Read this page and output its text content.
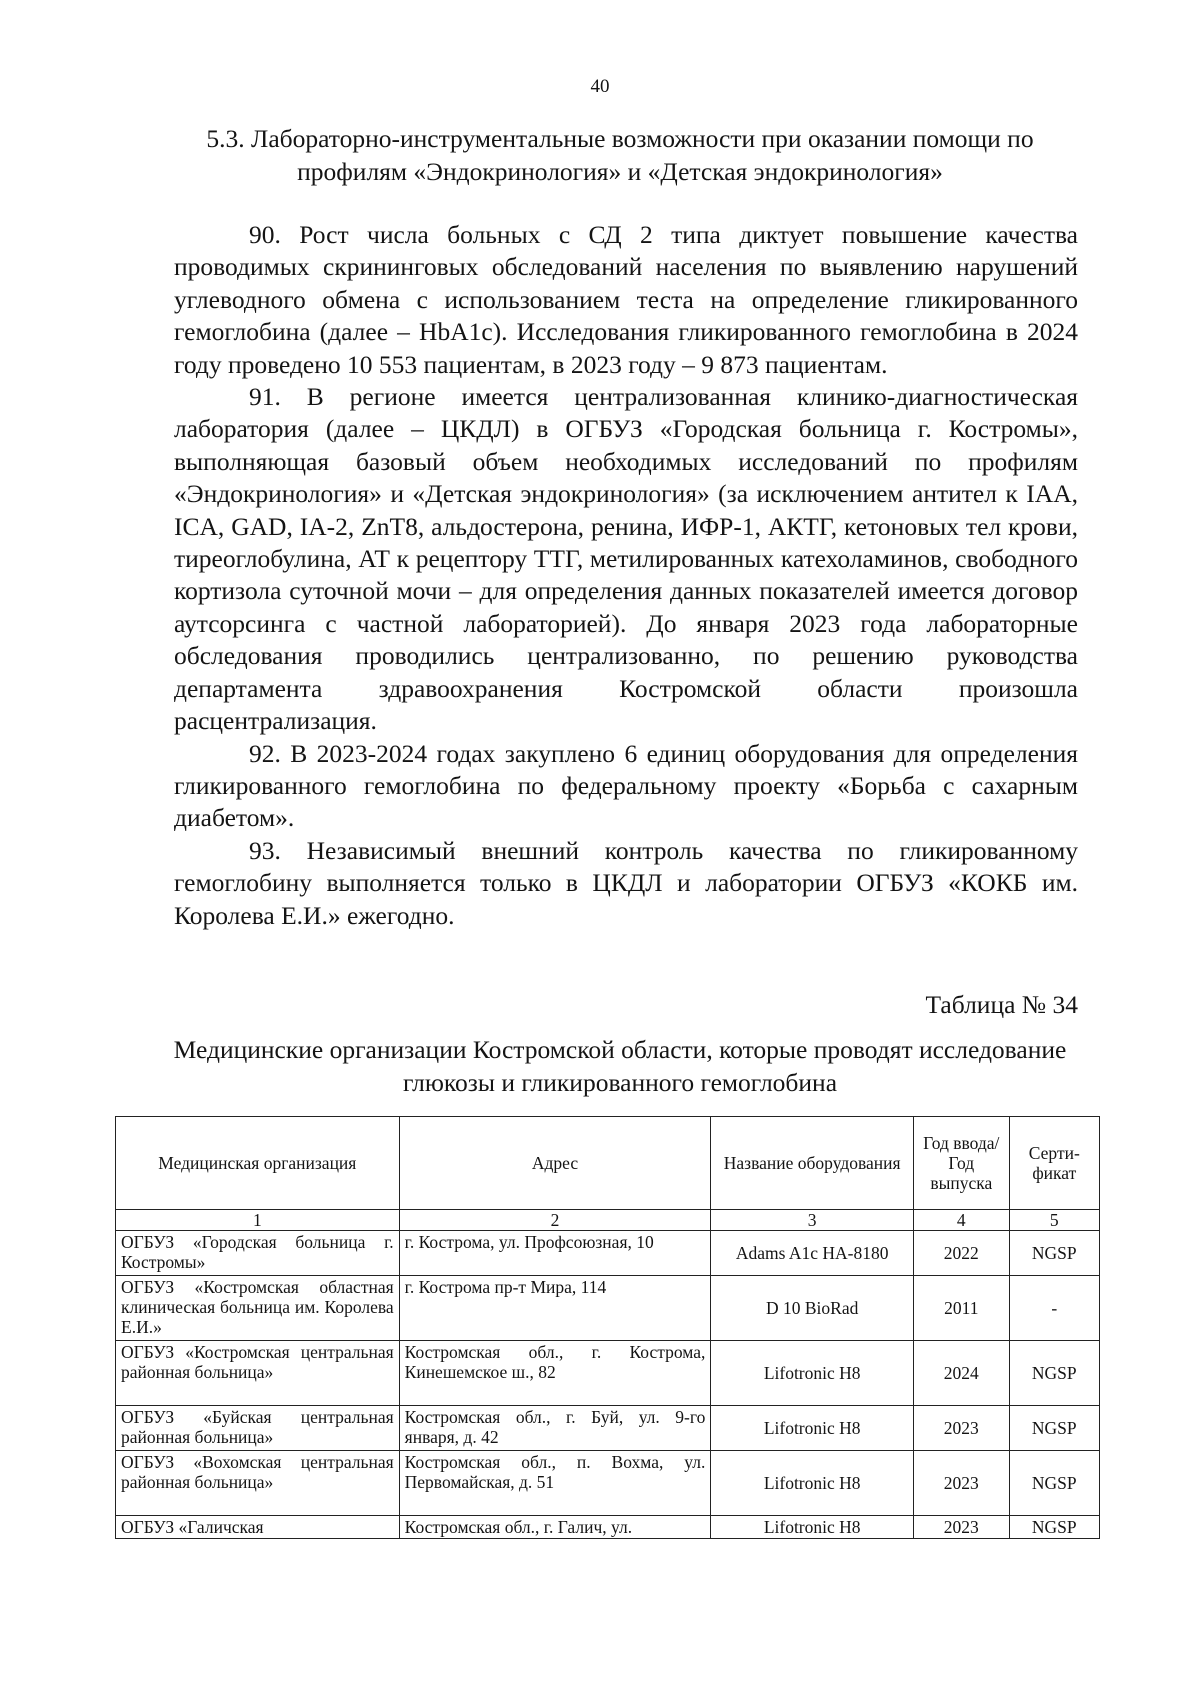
40
5.3. Лабораторно-инструментальные возможности при оказании помощи по профилям «Эндокринология» и «Детская эндокринология»

90. Рост числа больных с СД 2 типа диктует повышение качества проводимых скрининговых обследований населения по выявлению нарушений углеводного обмена с использованием теста на определение гликированного гемоглобина (далее – HbA1c). Исследования гликированного гемоглобина в 2024 году проведено 10 553 пациентам, в 2023 году – 9 873 пациентам.

91. В регионе имеется централизованная клинико-диагностическая лаборатория (далее – ЦКДЛ) в ОГБУЗ «Городская больница г. Костромы», выполняющая базовый объем необходимых исследований по профилям «Эндокринология» и «Детская эндокринология» (за исключением антител к IAA, ICA, GAD, IA-2, ZnT8, альдостерона, ренина, ИФР-1, АКТГ, кетоновых тел крови, тиреоглобулина, АТ к рецептору ТТГ, метилированных катехоламинов, свободного кортизола суточной мочи – для определения данных показателей имеется договор аутсорсинга с частной лабораторией). До января 2023 года лабораторные обследования проводились централизованно, по решению руководства департамента здравоохранения Костромской области произошла расцентрализация.

92. В 2023-2024 годах закуплено 6 единиц оборудования для определения гликированного гемоглобина по федеральному проекту «Борьба с сахарным диабетом».

93. Независимый внешний контроль качества по гликированному гемоглобину выполняется только в ЦКДЛ и лаборатории ОГБУЗ «КОКБ им. Королева Е.И.» ежегодно.

Таблица № 34
Медицинские организации Костромской области, которые проводят исследование глюкозы и гликированного гемоглобина
Медицинская организация	Адрес	Название оборудования	Год ввода/ Год выпуска	Серти-фикат
1	2	3	4	5
ОГБУЗ «Городская больница г. Костромы»	г. Кострома, ул. Профсоюзная, 10	Adams A1c HA-8180	2022	NGSP
ОГБУЗ «Костромская областная клиническая больница им. Королева Е.И.»	г. Кострома пр-т Мира, 114	D 10 BioRad	2011	-
ОГБУЗ «Костромская центральная районная больница»	Костромская обл., г. Кострома, Кинешемское ш., 82	Lifotronic H8	2024	NGSP
ОГБУЗ «Буйская центральная районная больница»	Костромская обл., г. Буй, ул. 9-го января, д. 42	Lifotronic H8	2023	NGSP
ОГБУЗ «Вохомская центральная районная больница»	Костромская обл., п. Вохма, ул. Первомайская, д. 51	Lifotronic H8	2023	NGSP
ОГБУЗ «Галичская	Костромская обл., г. Галич, ул.	Lifotronic H8	2023	NGSP
